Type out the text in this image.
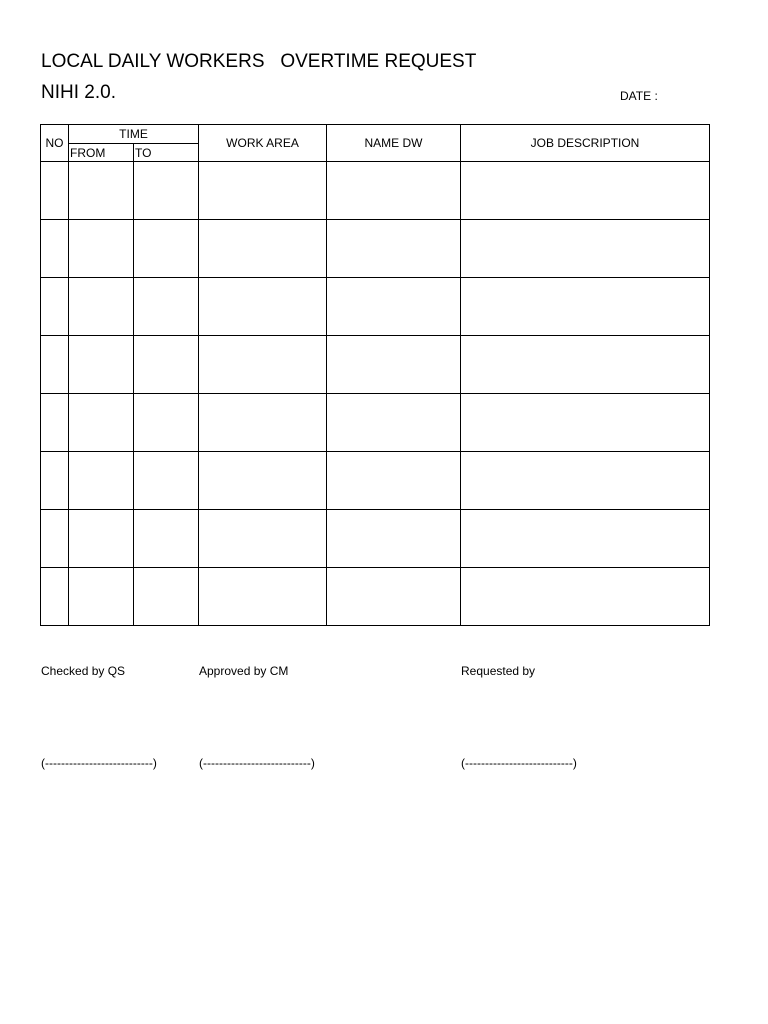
LOCAL DAILY WORKERS   OVERTIME REQUEST
NIHI 2.0.	DATE :
NO	TIME		WORK AREA	NAME DW	JOB DESCRIPTION
	FROM	TO			

Checked by QS	Approved by CM	Requested by
(---------------------------)	(---------------------------)	(---------------------------)
